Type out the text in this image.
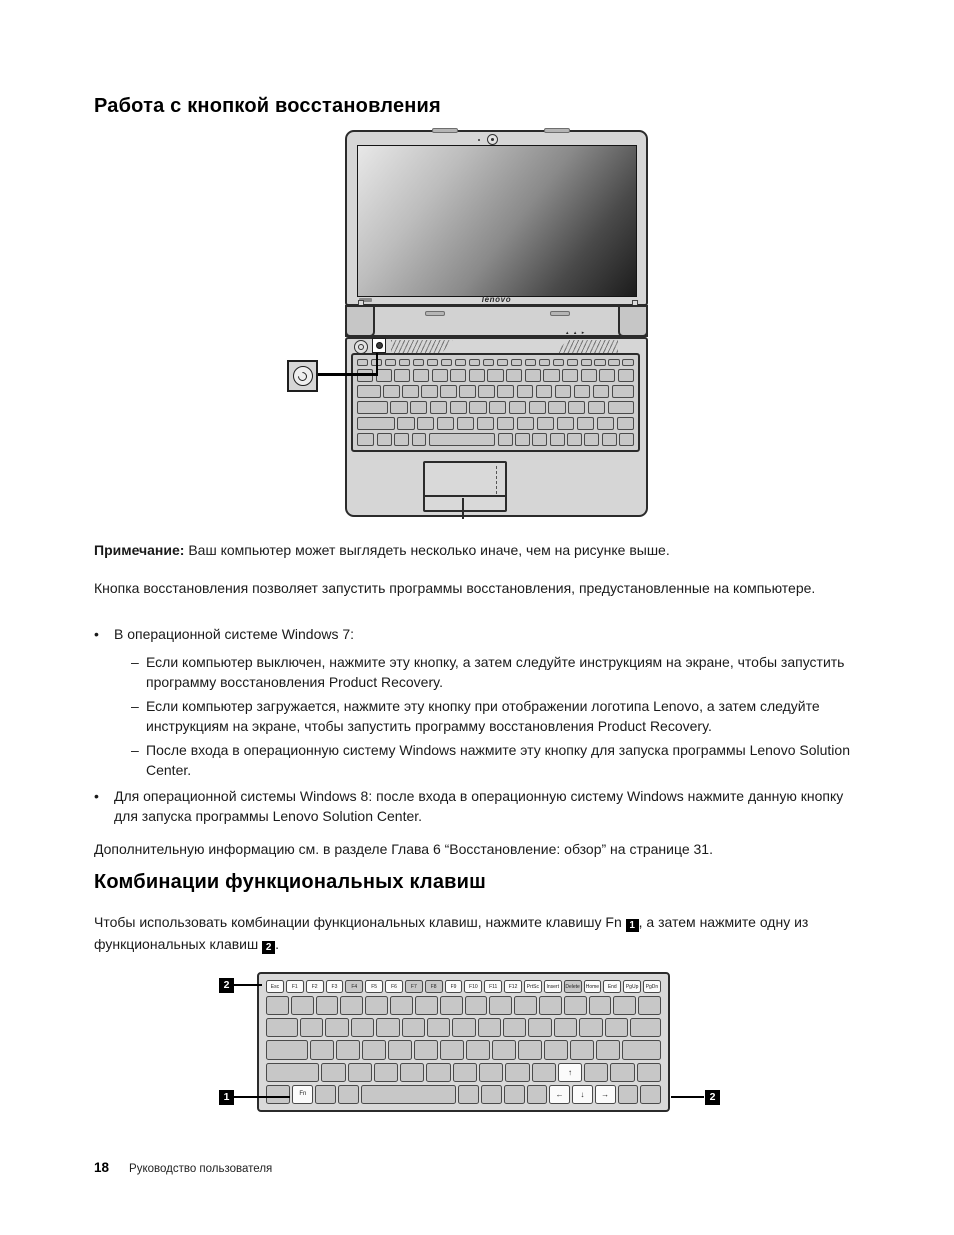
Работа с кнопкой восстановления
lenovo
▴ ▴ ▸
Примечание: Ваш компьютер может выглядеть несколько иначе, чем на рисунке выше.
Кнопка восстановления позволяет запустить программы восстановления, предустановленные на компьютере.
•	В операционной системе Windows 7:
– Если компьютер выключен, нажмите эту кнопку, а затем следуйте инструкциям на экране, чтобы запустить программу восстановления Product Recovery.
– Если компьютер загружается, нажмите эту кнопку при отображении логотипа Lenovo, а затем следуйте инструкциям на экране, чтобы запустить программу восстановления Product Recovery.
– После входа в операционную систему Windows нажмите эту кнопку для запуска программы Lenovo Solution Center.
•	Для операционной системы Windows 8: после входа в операционную систему Windows нажмите данную кнопку для запуска программы Lenovo Solution Center.
Дополнительную информацию см. в разделе Глава 6 “Восстановление: обзор” на странице 31.
Комбинации функциональных клавиш
Чтобы использовать комбинации функциональных клавиш, нажмите клавишу Fn 1 , а затем нажмите одну из функциональных клавиш 2 .
Esc	F1	F2	F3	F4	F5	F6	F7	F8	F9	F10	F11	F12	PrtSc	Insert	Delete	Home	End	PgUp	PgDn
↑
Fn	←	↓	→
2
1	2
18 Руководство пользователя
